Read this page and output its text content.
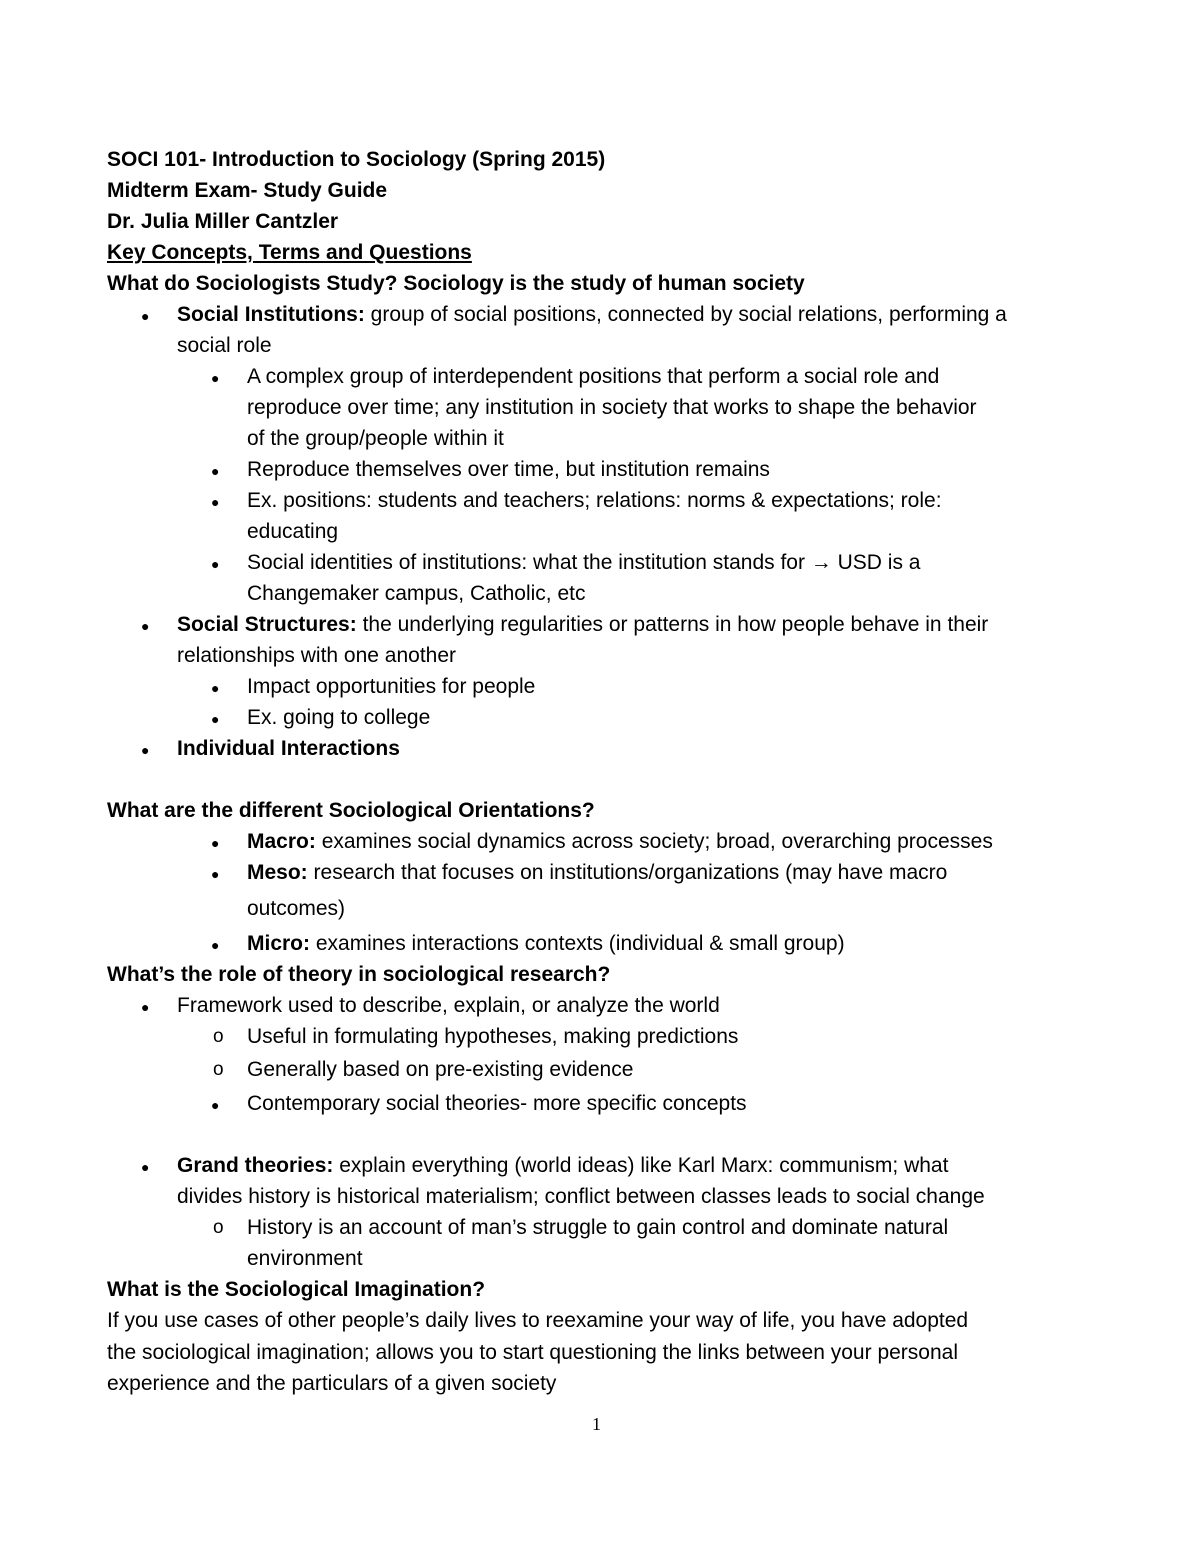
SOCI 101- Introduction to Sociology (Spring 2015)
Midterm Exam- Study Guide
Dr. Julia Miller Cantzler
Key Concepts, Terms and Questions
What do Sociologists Study? Sociology is the study of human society
● Social Institutions: group of social positions, connected by social relations, performing a
social role
● A complex group of interdependent positions that perform a social role and
reproduce over time; any institution in society that works to shape the behavior
of the group/people within it
● Reproduce themselves over time, but institution remains
● Ex. positions: students and teachers; relations: norms & expectations; role:
educating
● Social identities of institutions: what the institution stands for → USD is a
Changemaker campus, Catholic, etc
● Social Structures: the underlying regularities or patterns in how people behave in their
relationships with one another
● Impact opportunities for people
● Ex. going to college
● Individual Interactions
What are the different Sociological Orientations?
● Macro: examines social dynamics across society; broad, overarching processes
● Meso: research that focuses on institutions/organizations (may have macro
outcomes)
● Micro: examines interactions contexts (individual & small group)
What’s the role of theory in sociological research?
● Framework used to describe, explain, or analyze the world
o Useful in formulating hypotheses, making predictions
o Generally based on pre-existing evidence
● Contemporary social theories- more specific concepts
● Grand theories: explain everything (world ideas) like Karl Marx: communism; what
divides history is historical materialism; conflict between classes leads to social change
o History is an account of man’s struggle to gain control and dominate natural
environment
What is the Sociological Imagination?
If you use cases of other people’s daily lives to reexamine your way of life, you have adopted
the sociological imagination; allows you to start questioning the links between your personal
experience and the particulars of a given society
1
